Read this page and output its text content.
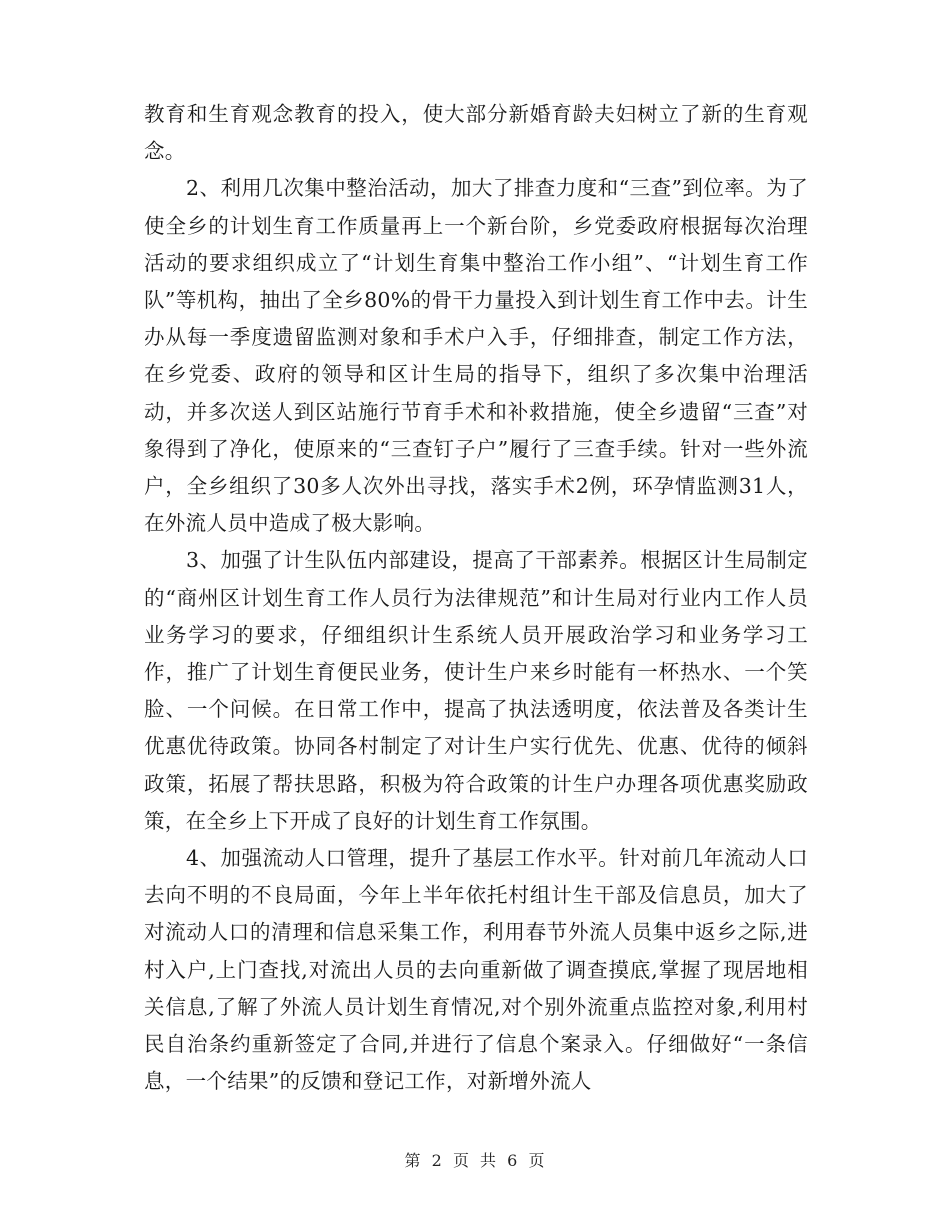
教育和生育观念教育的投入，使大部分新婚育龄夫妇树立了新的生育观念。

2、利用几次集中整治活动，加大了排查力度和“三查”到位率。为了使全乡的计划生育工作质量再上一个新台阶，乡党委政府根据每次治理活动的要求组织成立了“计划生育集中整治工作小组”、“计划生育工作队”等机构，抽出了全乡80%的骨干力量投入到计划生育工作中去。计生办从每一季度遗留监测对象和手术户入手，仔细排查，制定工作方法，在乡党委、政府的领导和区计生局的指导下，组织了多次集中治理活动，并多次送人到区站施行节育手术和补救措施，使全乡遗留“三查”对象得到了净化，使原来的“三查钉子户”履行了三查手续。针对一些外流户，全乡组织了30多人次外出寻找，落实手术2例，环孕情监测31人，在外流人员中造成了极大影响。

3、加强了计生队伍内部建设，提高了干部素养。根据区计生局制定的“商州区计划生育工作人员行为法律规范”和计生局对行业内工作人员业务学习的要求，仔细组织计生系统人员开展政治学习和业务学习工作，推广了计划生育便民业务，使计生户来乡时能有一杯热水、一个笑脸、一个问候。在日常工作中，提高了执法透明度，依法普及各类计生优惠优待政策。协同各村制定了对计生户实行优先、优惠、优待的倾斜政策，拓展了帮扶思路，积极为符合政策的计生户办理各项优惠奖励政策，在全乡上下开成了良好的计划生育工作氛围。

4、加强流动人口管理，提升了基层工作水平。针对前几年流动人口去向不明的不良局面，今年上半年依托村组计生干部及信息员，加大了对流动人口的清理和信息采集工作，利用春节外流人员集中返乡之际,进村入户,上门查找,对流出人员的去向重新做了调查摸底,掌握了现居地相关信息,了解了外流人员计划生育情况,对个别外流重点监控对象,利用村民自治条约重新签定了合同,并进行了信息个案录入。仔细做好“一条信息，一个结果”的反馈和登记工作，对新增外流人

第 2 页 共 6 页
